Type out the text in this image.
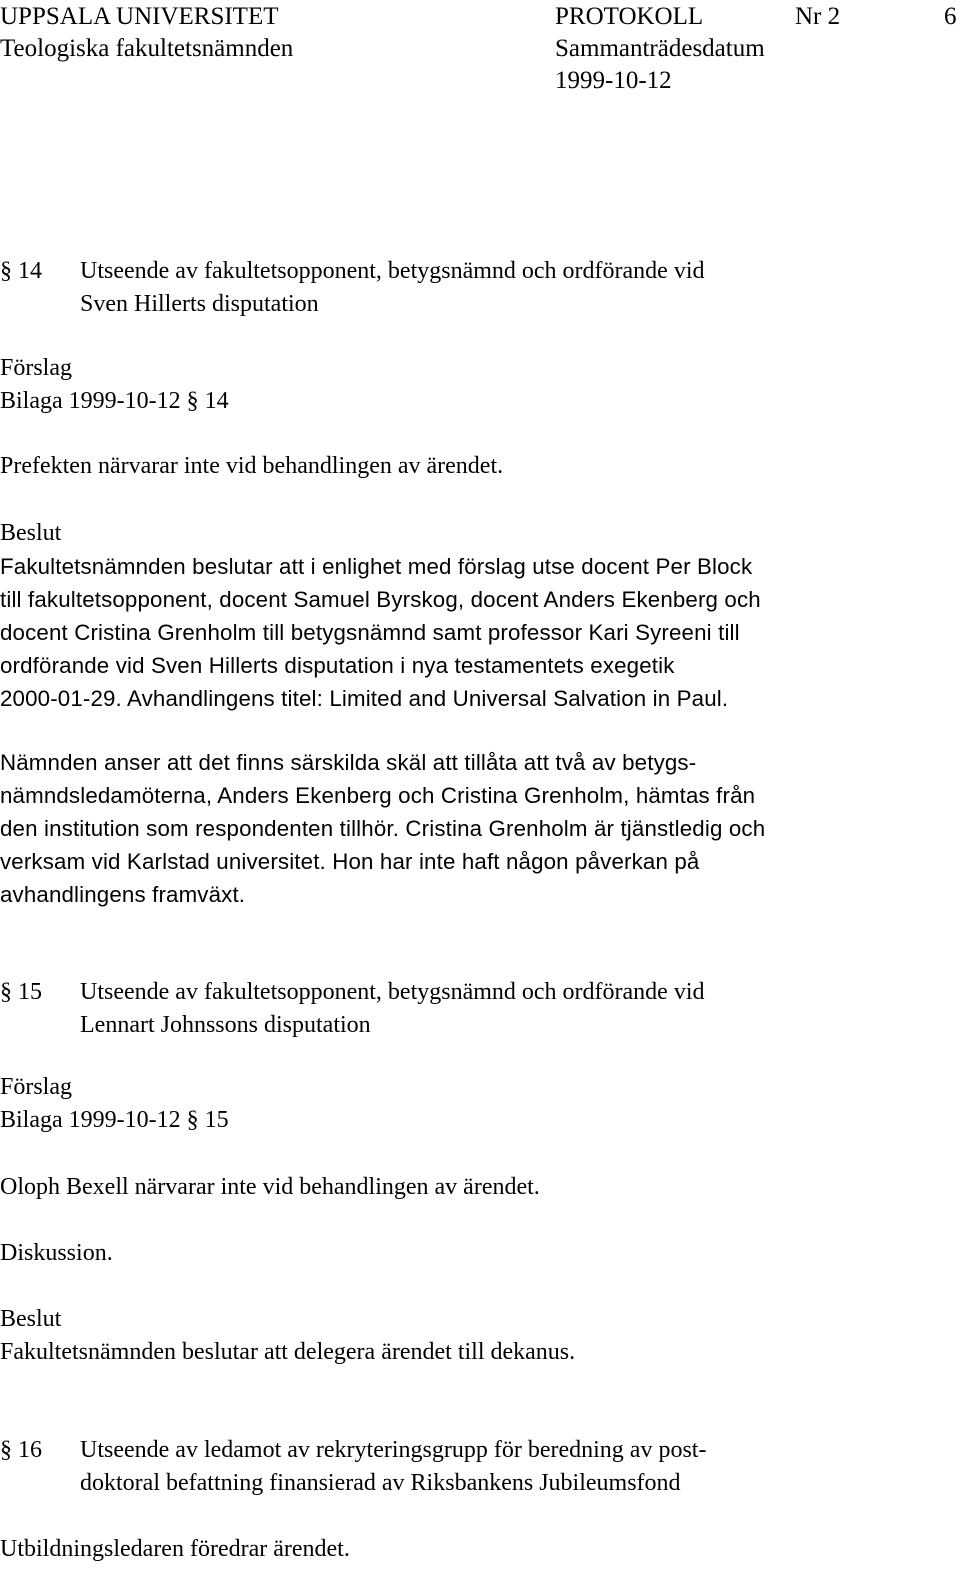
UPPSALA UNIVERSITET
Teologiska fakultetsnämnden
PROTOKOLL	Nr 2	6
Sammanträdesdatum
1999-10-12
§ 14 Utseende av fakultetsopponent, betygsnämnd och ordförande vid
Sven Hillerts disputation
Förslag
Bilaga 1999-10-12 § 14
Prefekten närvarar inte vid behandlingen av ärendet.
Beslut
Fakultetsnämnden beslutar att i enlighet med förslag utse docent Per Block
till fakultetsopponent, docent Samuel Byrskog, docent Anders Ekenberg och
docent Cristina Grenholm till betygsnämnd samt professor Kari Syreeni till
ordförande vid Sven Hillerts disputation i nya testamentets exegetik
2000-01-29. Avhandlingens titel: Limited and Universal Salvation in Paul.
Nämnden anser att det finns särskilda skäl att tillåta att två av betygs-
nämndsledamöterna, Anders Ekenberg och Cristina Grenholm, hämtas från
den institution som respondenten tillhör. Cristina Grenholm är tjänstledig och
verksam vid Karlstad universitet. Hon har inte haft någon påverkan på
avhandlingens framväxt.
§ 15 Utseende av fakultetsopponent, betygsnämnd och ordförande vid
Lennart Johnssons disputation
Förslag
Bilaga 1999-10-12 § 15
Oloph Bexell närvarar inte vid behandlingen av ärendet.
Diskussion.
Beslut
Fakultetsnämnden beslutar att delegera ärendet till dekanus.
§ 16 Utseende av ledamot av rekryteringsgrupp för beredning av post-
doktoral befattning finansierad av Riksbankens Jubileumsfond
Utbildningsledaren föredrar ärendet.
